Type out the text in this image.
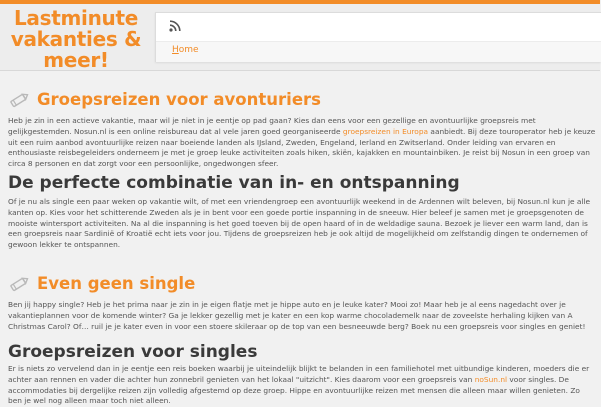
Lastminute vakanties & meer!	Home
Groepsreizen voor avonturiers

Heb je zin in een actieve vakantie, maar wil je niet in je eentje op pad gaan? Kies dan eens voor een gezellige en avontuurlijke groepsreis met gelijkgestemden. Nosun.nl is een online reisbureau dat al vele jaren goed georganiseerde groepsreizen in Europa aanbiedt. Bij deze touroperator heb je keuze uit een ruim aanbod avontuurlijke reizen naar boeiende landen als IJsland, Zweden, Engeland, Ierland en Zwitserland. Onder leiding van ervaren en enthousiaste reisbegeleiders onderneem je met je groep leuke activiteiten zoals hiken, skiën, kajakken en mountainbiken. Je reist bij Nosun in een groep van circa 8 personen en dat zorgt voor een persoonlijke, ongedwongen sfeer.

De perfecte combinatie van in- en ontspanning

Of je nu als single een paar weken op vakantie wilt, of met een vriendengroep een avontuurlijk weekend in de Ardennen wilt beleven, bij Nosun.nl kun je alle kanten op. Kies voor het schitterende Zweden als je in bent voor een goede portie inspanning in de sneeuw. Hier beleef je samen met je groepsgenoten de mooiste wintersport activiteiten. Na al die inspanning is het goed toeven bij de open haard of in de weldadige sauna. Bezoek je liever een warm land, dan is een groepsreis naar Sardinië of Kroatië echt iets voor jou. Tijdens de groepsreizen heb je ook altijd de mogelijkheid om zelfstandig dingen te ondernemen of gewoon lekker te ontspannen.

Even geen single

Ben jij happy single? Heb je het prima naar je zin in je eigen flatje met je hippe auto en je leuke kater? Mooi zo! Maar heb je al eens nagedacht over je vakantieplannen voor de komende winter? Ga je lekker gezellig met je kater en een kop warme chocolademelk naar de zoveelste herhaling kijken van A Christmas Carol? Of… ruil je je kater even in voor een stoere skileraar op de top van een besneeuwde berg? Boek nu een groepsreis voor singles en geniet!

Groepsreizen voor singles

Er is niets zo vervelend dan in je eentje een reis boeken waarbij je uiteindelijk blijkt te belanden in een familiehotel met uitbundige kinderen, moeders die er achter aan rennen en vader die achter hun zonnebril genieten van het lokaal "uitzicht". Kies daarom voor een groepsreis van noSun.nl voor singles. De accommodaties bij dergelijke reizen zijn volledig afgestemd op deze groep. Hippe en avontuurlijke reizen met mensen die alleen maar willen genieten. Zo ben je wel nog alleen maar toch niet alleen.
